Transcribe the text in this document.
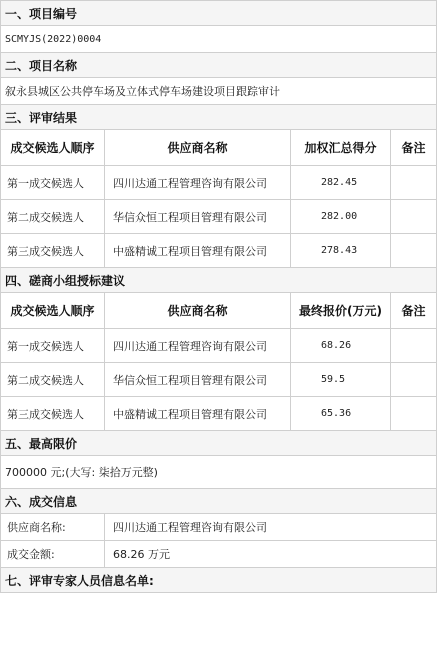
一、项目编号			
SCMYJS(2022)0004			
二、项目名称			
叙永县城区公共停车场及立体式停车场建设项目跟踪审计			
三、评审结果			
成交候选人顺序	供应商名称	加权汇总得分	备注
第一成交候选人	四川达通工程管理咨询有限公司	282.45	
第二成交候选人	华信众恒工程项目管理有限公司	282.00	
第三成交候选人	中盛精诚工程项目管理有限公司	278.43	
四、磋商小组授标建议			
成交候选人顺序	供应商名称	最终报价(万元)	备注
第一成交候选人	四川达通工程管理咨询有限公司	68.26	
第二成交候选人	华信众恒工程项目管理有限公司	59.5	
第三成交候选人	中盛精诚工程项目管理有限公司	65.36	
五、最高限价			
700000 元;(大写: 柒拾万元整)			
六、成交信息			
供应商名称:	四川达通工程管理咨询有限公司		
成交金额:	68.26 万元		
七、评审专家人员信息名单:			
